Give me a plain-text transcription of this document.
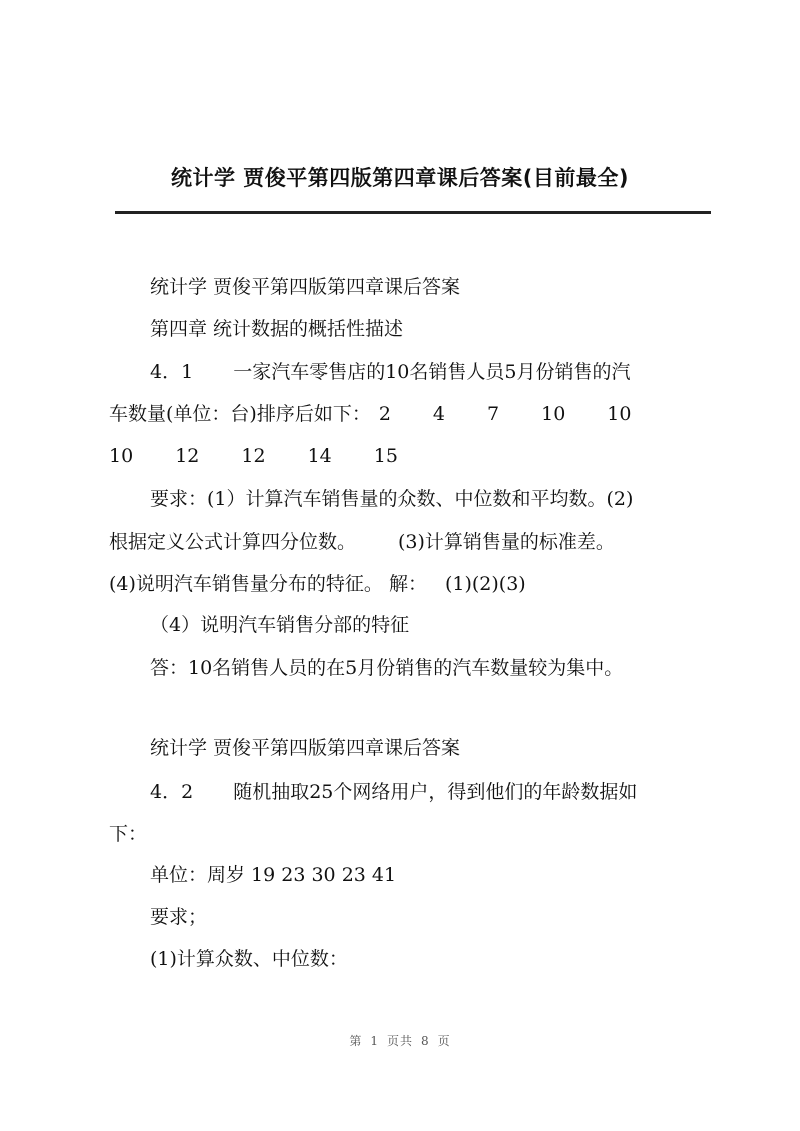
统计学 贾俊平第四版第四章课后答案(目前最全)
统计学 贾俊平第四版第四章课后答案
第四章 统计数据的概括性描述
4．1 一家汽车零售店的10名销售人员5月份销售的汽
车数量(单位：台)排序后如下： 2 4 7 10 10
10 12 12 14 15
要求：(1）计算汽车销售量的众数、中位数和平均数。(2)
根据定义公式计算四分位数。 (3)计算销售量的标准差。
(4)说明汽车销售量分布的特征。 解： (1)(2)(3)
（4）说明汽车销售分部的特征
答：10名销售人员的在5月份销售的汽车数量较为集中。
统计学 贾俊平第四版第四章课后答案
4．2 随机抽取25个网络用户，得到他们的年龄数据如
下：
单位：周岁 19 23 30 23 41
要求；
(1)计算众数、中位数：
第 1 页共 8 页
